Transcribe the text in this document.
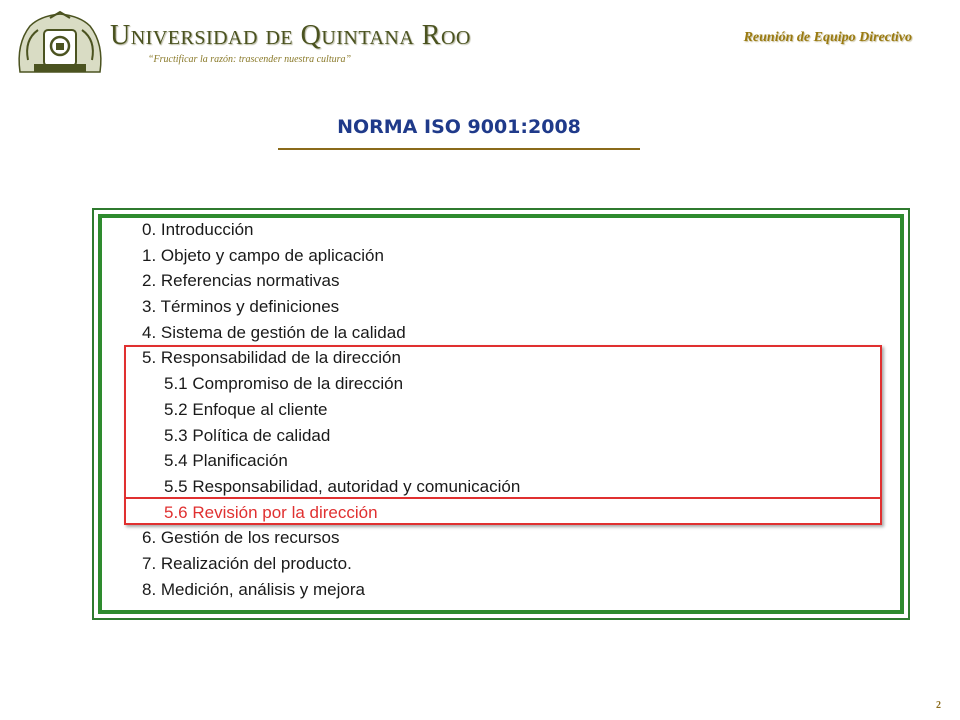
Universidad de Quintana Roo
“Fructificar la razón: trascender nuestra cultura”
Reunión de Equipo Directivo
NORMA ISO 9001:2008
0. Introducción
1. Objeto y campo de aplicación
2. Referencias normativas
3. Términos y definiciones
4. Sistema de gestión de la calidad
5. Responsabilidad de la dirección
5.1 Compromiso de la dirección
5.2 Enfoque al cliente
5.3 Política de calidad
5.4 Planificación
5.5 Responsabilidad, autoridad y comunicación
5.6 Revisión por la dirección
6. Gestión de los recursos
7. Realización del producto.
8. Medición, análisis y mejora
2
